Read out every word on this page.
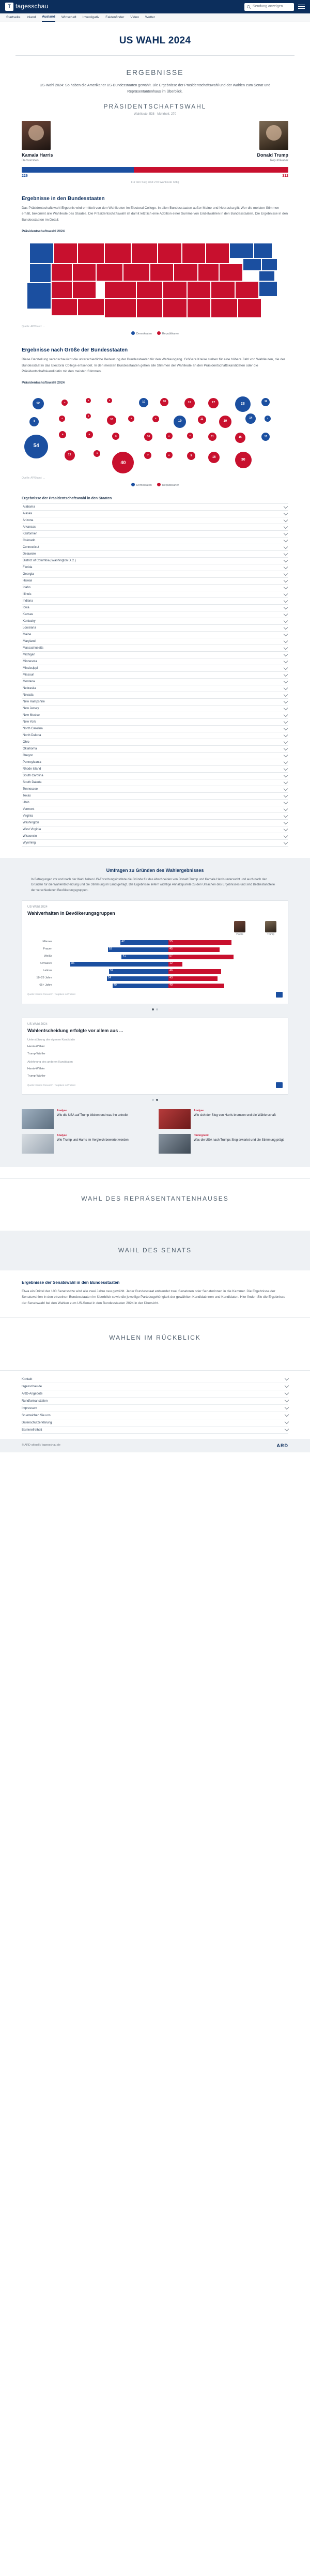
T tagesschau	Sendung anzeigen
Startseite Inland Ausland Wirtschaft Investigativ Faktenfinder Video Wetter
US WAHL 2024
ERGEBNISSE
US-Wahl 2024: So haben die Amerikaner US-Bundesstaaten gewählt. Die Ergebnisse der Präsidentschaftswahl und der Wahlen zum Senat und Repräsentantenhaus im Überblick.
PRÄSIDENTSCHAFTSWAHL
Wahlleute: 538 · Mehrheit: 270
Kamala Harris
Demokraten
Donald Trump
Republikaner
226	312
Für den Sieg sind 270 Wahlleute nötig
Ergebnisse in den Bundesstaaten

Das Präsidentschaftswahl-Ergebnis wird ermittelt von den Wahlleuten im Electoral College. In allen Bundesstaaten außer Maine und Nebraska gilt: Wer die meisten Stimmen erhält, bekommt alle Wahlleute des Staates. Die Präsidentschaftswahl ist damit letztlich eine Addition einer Summe von Einzelwahlen in den Bundesstaaten. Die Ergebnisse in den Bundesstaaten im Detail:

Präsidentschaftswahl 2024
Quelle: AP/Stand: ...
Demokraten	Republikaner
Ergebnisse nach Größe der Bundesstaaten

Diese Darstellung veranschaulicht die unterschiedliche Bedeutung der Bundesstaaten für den Wahlausgang. Größere Kreise stehen für eine höhere Zahl von Wahlleuten, die der Bundesstaat in das Electoral College entsendet. In den meisten Bundesstaaten gehen alle Stimmen der Wahlleute an den Präsidentschaftskandidaten oder die Präsidentschaftskandidatin mit den meisten Stimmen.

Präsidentschaftswahl 2024
12
8
54
4
4
6
11
3
6
5
3
10
3
5
6
40
10
6
10
7
10
19
6
8
15
11
6
9
17
19
11
16
28
14
16
30
11
7
13
Quelle: AP/Stand: ...
Demokraten	Republikaner
Ergebnisse der Präsidentschaftswahl in den Staaten
Alabama
Alaska
Arizona
Arkansas
Kalifornien
Colorado
Connecticut
Delaware
District of Columbia (Washington D.C.)
Florida
Georgia
Hawaii
Idaho
Illinois
Indiana
Iowa
Kansas
Kentucky
Louisiana
Maine
Maryland
Massachusetts
Michigan
Minnesota
Mississippi
Missouri
Montana
Nebraska
Nevada
New Hampshire
New Jersey
New Mexico
New York
North Carolina
North Dakota
Ohio
Oklahoma
Oregon
Pennsylvania
Rhode Island
South Carolina
South Dakota
Tennessee
Texas
Utah
Vermont
Virginia
Washington
West Virginia
Wisconsin
Wyoming
Umfragen zu Gründen des Wahlergebnisses

In Befragungen vor und nach der Wahl haben US-Forschungsinstitute die Gründe für das Abschneiden von Donald Trump und Kamala Harris untersucht und auch nach den Gründen für die Wahlentscheidung und die Stimmung im Land gefragt. Die Ergebnisse liefern wichtige Anhaltspunkte zu den Ursachen des Ergebnisses und sind Bildbestandteile der verschiedenen Bevölkerungsgruppen.

US-Wahl 2024
Wahlverhalten in Bevölkerungsgruppen
Harris	Trump
Männer	42	55
Frauen	53	45
Weiße	41	57
Schwarze	86	12
Latinos	52	46
18–29 Jahre	54	43
65+ Jahre	49	49
Quelle: Edison Research / Angaben in Prozent
US-Wahl 2024
Wahlentscheidung erfolgte vor allem aus ...
Unterstützung der eigenen Kandidatin
Harris-Wähler
47
Trump-Wähler
68
Ablehnung des anderen Kandidaten
Harris-Wähler
50
Trump-Wähler
29
Quelle: Edison Research / Angaben in Prozent
Analyse
Wie die USA auf Trump blicken und was ihn antreibt
Analyse
Wie sich der Sieg von Harris bremsen und die Wählerschaft
Analyse
Wie Trump und Harris im Vergleich bewertet werden
Hintergrund
Was die USA nach Trumps Sieg erwartet und die Stimmung prägt
WAHL DES REPRÄSENTANTENHAUSES
WAHL DES SENATS
Ergebnisse der Senatswahl in den Bundesstaaten

Etwa ein Drittel der 100 Senatssitze wird alle zwei Jahre neu gewählt. Jeder Bundesstaat entsendet zwei Senatoren oder Senatorinnen in die Kammer. Die Ergebnisse der Senatswahlen in den einzelnen Bundesstaaten im Überblick sowie die jeweilige Parteizugehörigkeit der gewählten Kandidatinnen und Kandidaten. Hier finden Sie die Ergebnisse der Senatswahl bei den Wahlen zum US-Senat in den Bundesstaaten 2024 in der Übersicht.

WAHLEN IM RÜCKBLICK
Kontakt
tagesschau.de
ARD-Angebote
Rundfunkanstalten
Impressum
So erreichen Sie uns
Datenschutzerklärung
Barrierefreiheit
© ARD-aktuell / tagesschau.de	ARD
